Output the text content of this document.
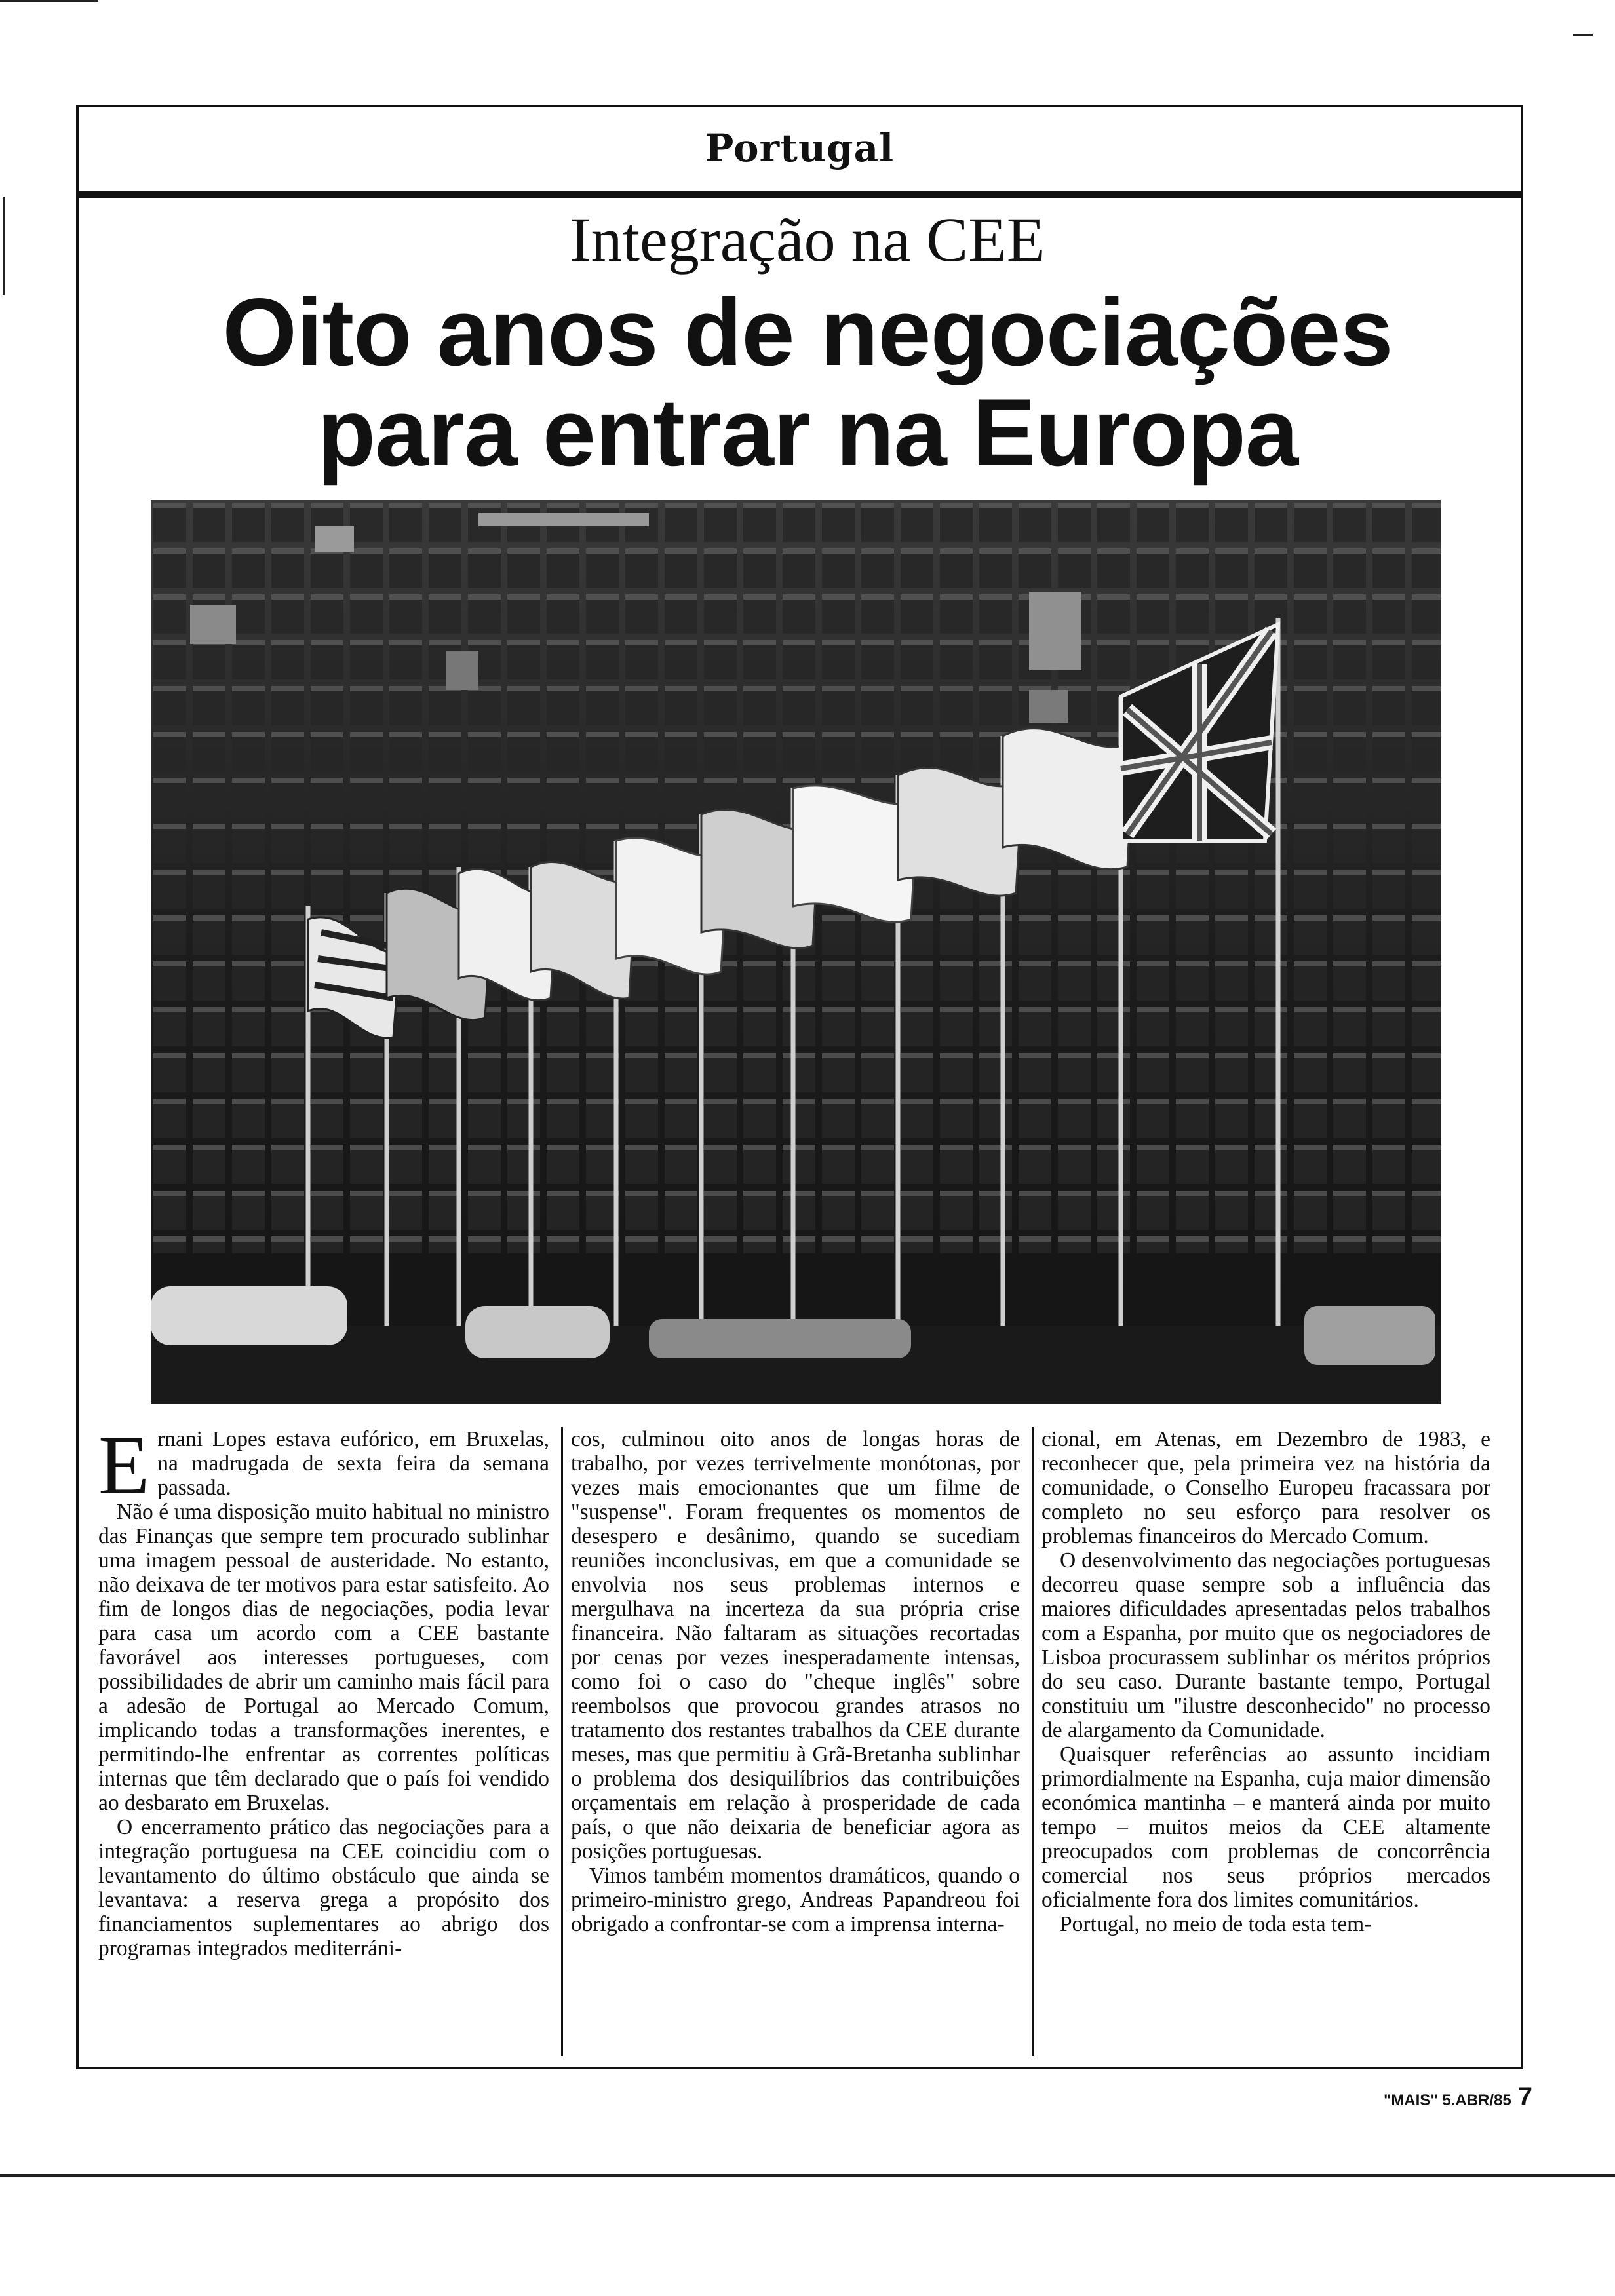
Portugal
Integração na CEE
Oito anos de negociações
para entrar na Europa

Ernani Lopes estava eufórico, em Bruxelas, na madrugada de sexta feira da semana passada.

Não é uma disposição muito habitual no ministro das Finanças que sempre tem procurado sublinhar uma imagem pessoal de austeridade. No estanto, não deixava de ter motivos para estar satisfeito. Ao fim de longos dias de negociações, podia levar para casa um acordo com a CEE bastante favorável aos interesses portugueses, com possibilidades de abrir um caminho mais fácil para a adesão de Portugal ao Mercado Comum, implicando todas a transformações inerentes, e permitindo-lhe enfrentar as correntes políticas internas que têm declarado que o país foi vendido ao desbarato em Bruxelas.

O encerramento prático das negociações para a integração portuguesa na CEE coincidiu com o levantamento do último obstáculo que ainda se levantava: a reserva grega a propósito dos financiamentos suplementares ao abrigo dos programas integrados mediterráni-

cos, culminou oito anos de longas horas de trabalho, por vezes terrivelmente monótonas, por vezes mais emocionantes que um filme de "suspense". Foram frequentes os momentos de desespero e desânimo, quando se sucediam reuniões inconclusivas, em que a comunidade se envolvia nos seus problemas internos e mergulhava na incerteza da sua própria crise financeira. Não faltaram as situações recortadas por cenas por vezes inesperadamente intensas, como foi o caso do "cheque inglês" sobre reembolsos que provocou grandes atrasos no tratamento dos restantes trabalhos da CEE durante meses, mas que permitiu à Grã-Bretanha sublinhar o problema dos desiquilíbrios das contribuições orçamentais em relação à prosperidade de cada país, o que não deixaria de beneficiar agora as posições portuguesas.

Vimos também momentos dramáticos, quando o primeiro-ministro grego, Andreas Papandreou foi obrigado a confrontar-se com a imprensa interna-

cional, em Atenas, em Dezembro de 1983, e reconhecer que, pela primeira vez na história da comunidade, o Conselho Europeu fracassara por completo no seu esforço para resolver os problemas financeiros do Mercado Comum.

O desenvolvimento das negociações portuguesas decorreu quase sempre sob a influência das maiores dificuldades apresentadas pelos trabalhos com a Espanha, por muito que os negociadores de Lisboa procurassem sublinhar os méritos próprios do seu caso. Durante bastante tempo, Portugal constituiu um "ilustre desconhecido" no processo de alargamento da Comunidade.

Quaisquer referências ao assunto incidiam primordialmente na Espanha, cuja maior dimensão económica mantinha – e manterá ainda por muito tempo – muitos meios da CEE altamente preocupados com problemas de concorrência comercial nos seus próprios mercados oficialmente fora dos limites comunitários.

Portugal, no meio de toda esta tem-

"MAIS" 5.ABR/85 7
